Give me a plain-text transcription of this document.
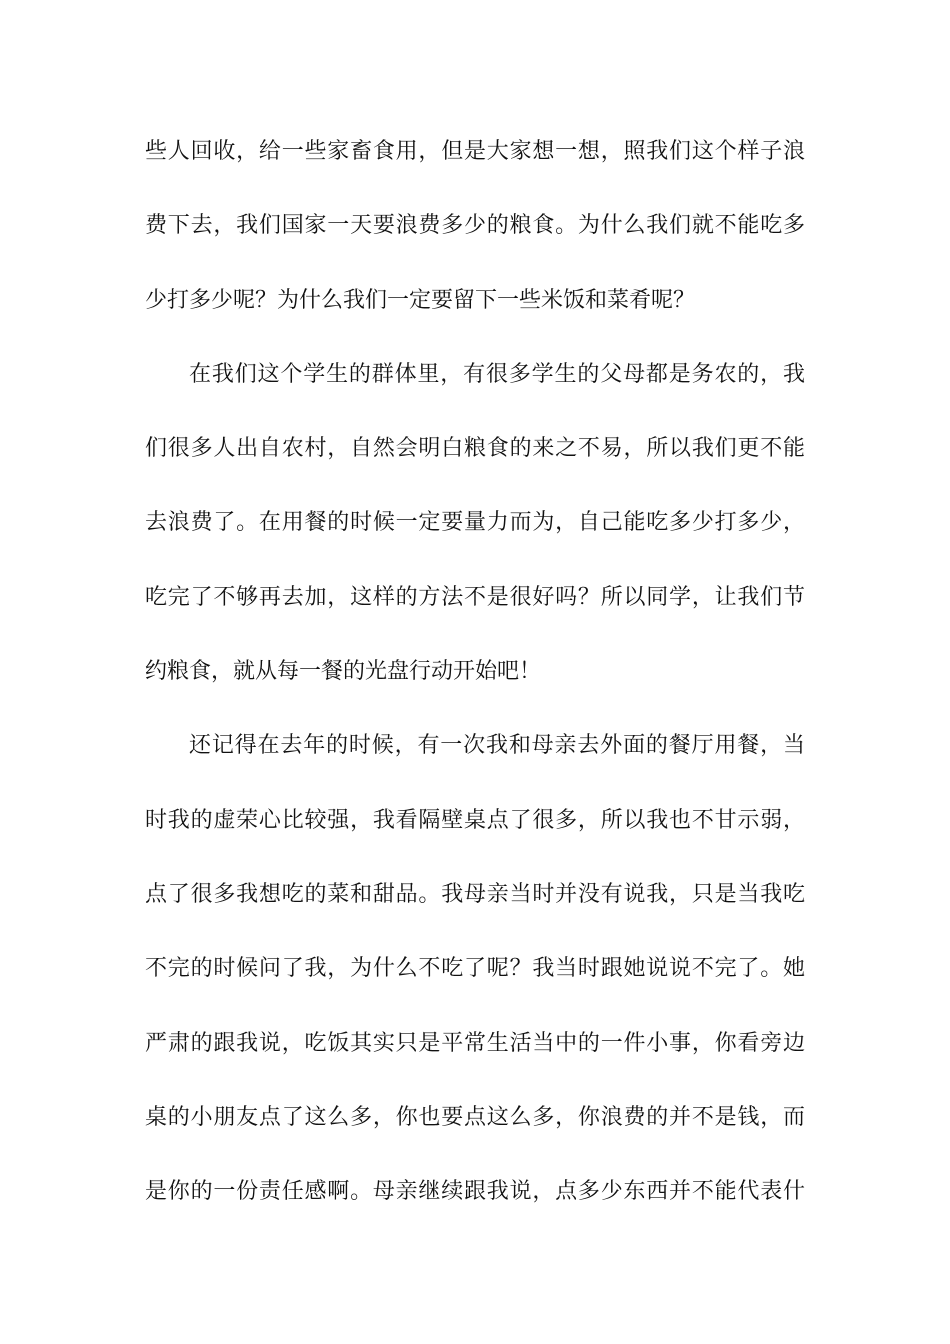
些人回收，给一些家畜食用，但是大家想一想，照我们这个样子浪
费下去，我们国家一天要浪费多少的粮食。为什么我们就不能吃多
少打多少呢？为什么我们一定要留下一些米饭和菜肴呢？
在我们这个学生的群体里，有很多学生的父母都是务农的，我
们很多人出自农村，自然会明白粮食的来之不易，所以我们更不能
去浪费了。在用餐的时候一定要量力而为，自己能吃多少打多少，
吃完了不够再去加，这样的方法不是很好吗？所以同学，让我们节
约粮食，就从每一餐的光盘行动开始吧！
还记得在去年的时候，有一次我和母亲去外面的餐厅用餐，当
时我的虚荣心比较强，我看隔壁桌点了很多，所以我也不甘示弱，
点了很多我想吃的菜和甜品。我母亲当时并没有说我，只是当我吃
不完的时候问了我，为什么不吃了呢？我当时跟她说说不完了。她
严肃的跟我说，吃饭其实只是平常生活当中的一件小事，你看旁边
桌的小朋友点了这么多，你也要点这么多，你浪费的并不是钱，而
是你的一份责任感啊。母亲继续跟我说，点多少东西并不能代表什
